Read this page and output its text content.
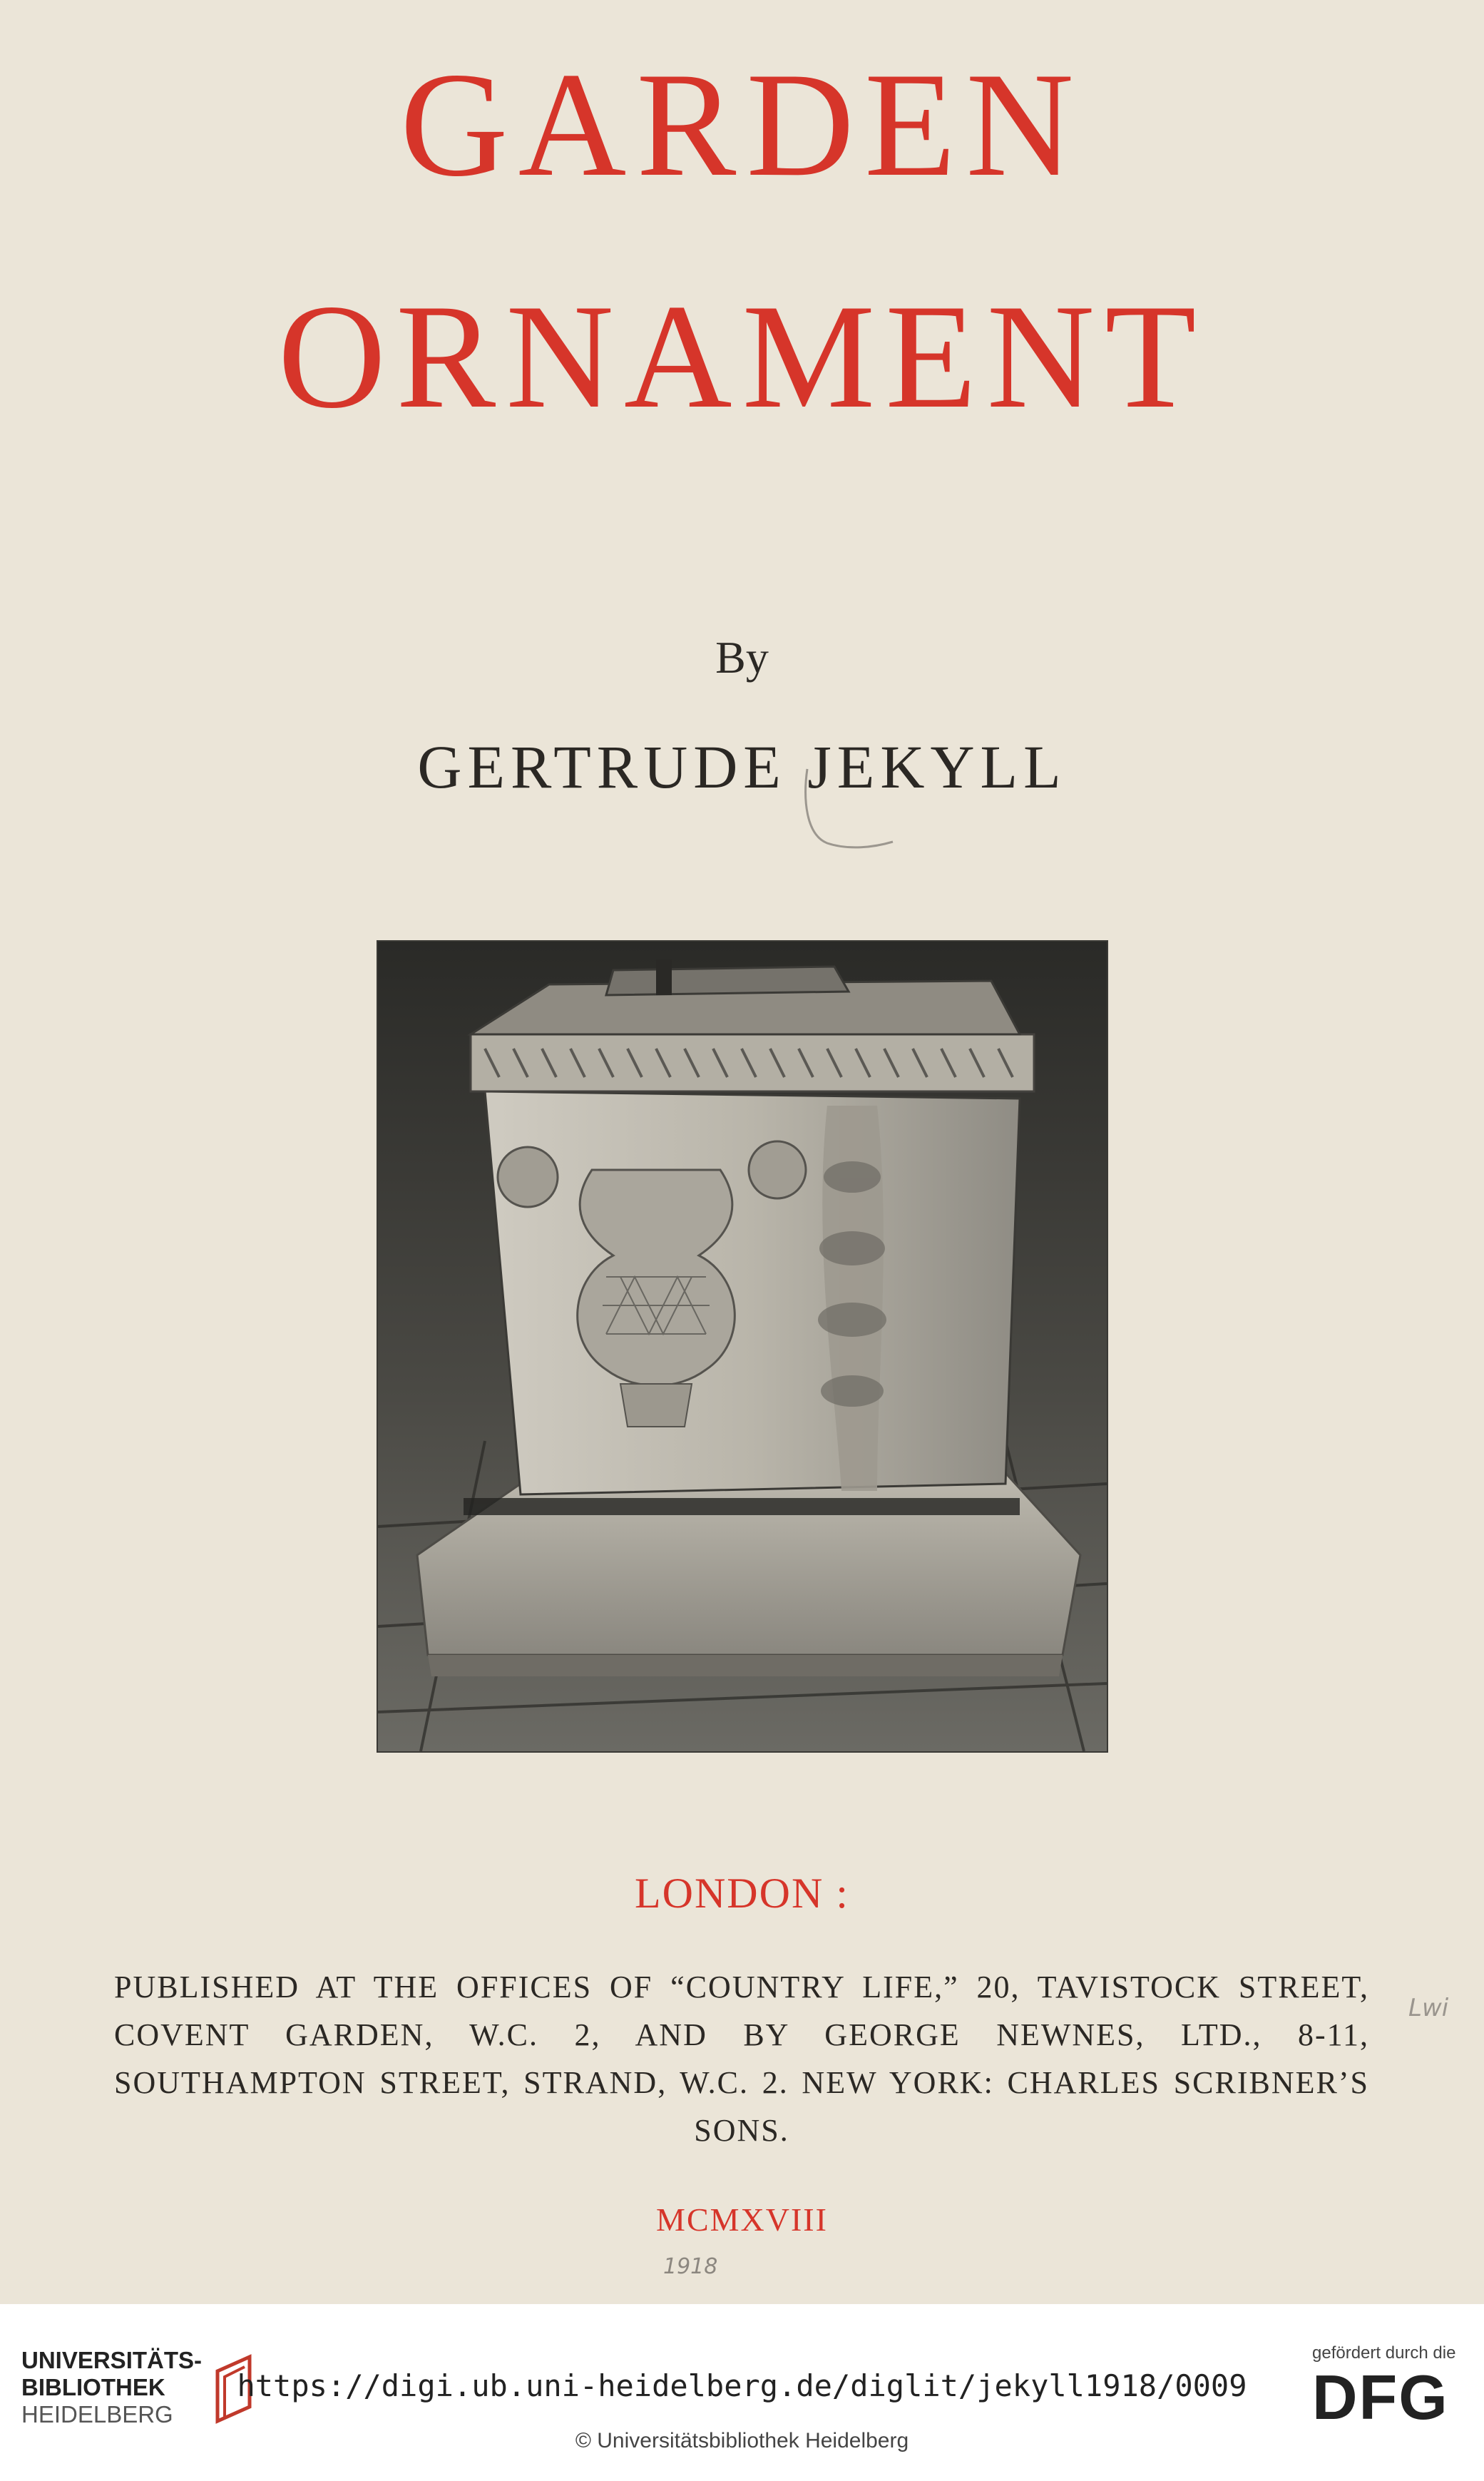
GARDEN
ORNAMENT
By
GERTRUDE JEKYLL
LONDON :
PUBLISHED AT THE OFFICES OF “COUNTRY LIFE,” 20, TAVISTOCK STREET, COVENT GARDEN, W.C. 2, AND BY GEORGE NEWNES, LTD., 8-11, SOUTHAMPTON STREET, STRAND, W.C. 2. NEW YORK: CHARLES SCRIBNER’S SONS.
MCMXVIII
1918
Lwi
UNIVERSITÄTS-
BIBLIOTHEK
HEIDELBERG
https://digi.ub.uni-heidelberg.de/diglit/jekyll1918/0009
© Universitätsbibliothek Heidelberg
gefördert durch die
DFG
